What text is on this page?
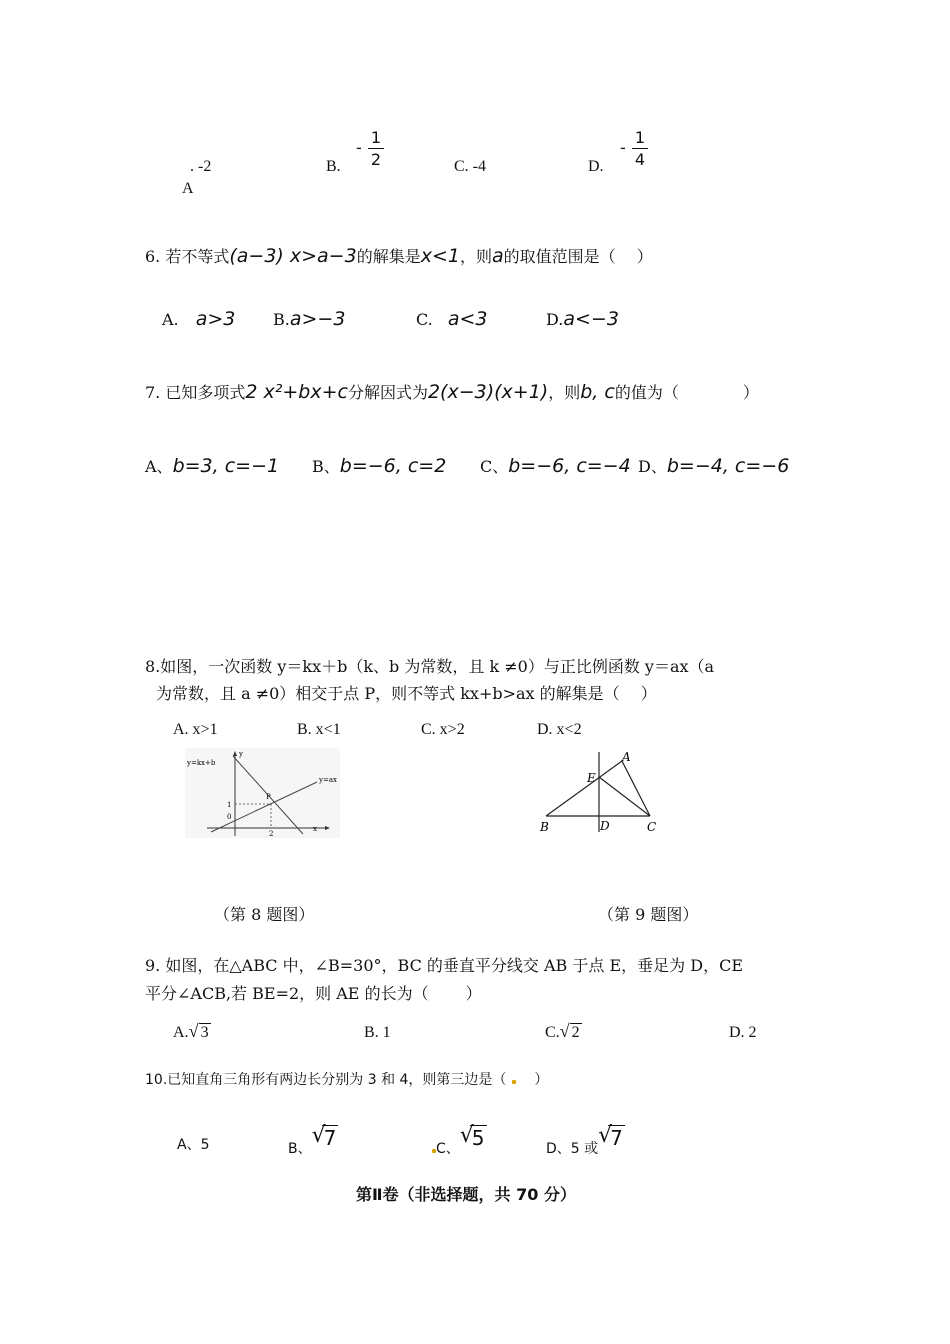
. -2
A
B.
-
1
2	C. -4	D.
-
1
4
6. 若不等式(a−3) x>a−3的解集是x<1，则a的取值范围是（　 ）
A. a>3 B.a>−3	C. a<3	D.a<−3
7. 已知多项式2 x²+bx+c分解因式为2(x−3)(x+1)，则b, c的值为（　　　　）
A、b=3, c=−1 B、b=−6, c=2 C、b=−6, c=−4 D、b=−4, c=−6
8.如图，一次函数 y＝kx＋b（k、b 为常数，且 k ≠0）与正比例函数 y＝ax（a
为常数，且 a ≠0）相交于点 P，则不等式 kx+b>ax 的解集是（　 ）
A. x>1	B. x<1	C. x>2	D. x<2
y=kx+b
y=ax
y
x
P
1
0
2
A
B	C
D
E
（第 8 题图）	（第 9 题图）
9. 如图，在△ABC 中，∠B=30°，BC 的垂直平分线交 AB 于点 E，垂足为 D，CE
平分∠ACB,若 BE=2，则 AE 的长为（　　 ）
A. √ 3	B. 1	C. √ 2	D. 2
10.已知直角三角形有两边长分别为 3 和 4，则第三边是（　）
A、5	B、
√
7	C、
√
5	D、5 或
√
7
第Ⅱ卷（非选择题，共 70 分）
